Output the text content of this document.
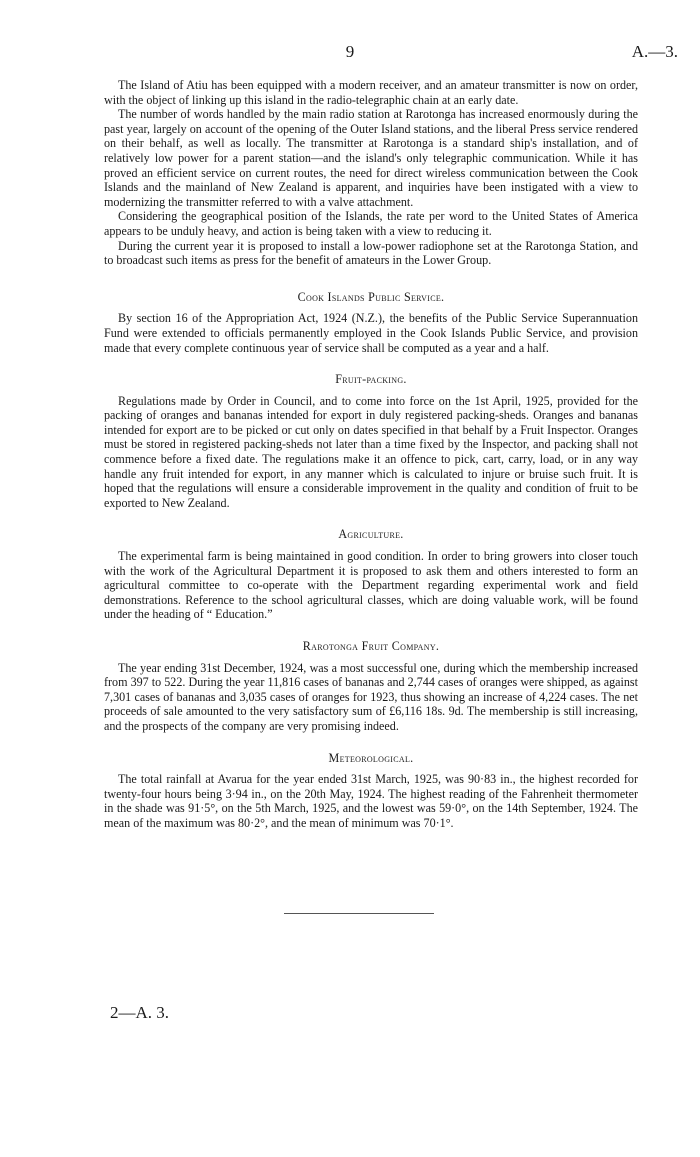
9	A.—3.

The Island of Atiu has been equipped with a modern receiver, and an amateur transmitter is now on order, with the object of linking up this island in the radio-telegraphic chain at an early date.

The number of words handled by the main radio station at Rarotonga has increased enormously during the past year, largely on account of the opening of the Outer Island stations, and the liberal Press service rendered on their behalf, as well as locally. The transmitter at Rarotonga is a standard ship's installation, and of relatively low power for a parent station—and the island's only telegraphic communication. While it has proved an efficient service on current routes, the need for direct wireless communication between the Cook Islands and the mainland of New Zealand is apparent, and inquiries have been instigated with a view to modernizing the transmitter referred to with a valve attachment.

Considering the geographical position of the Islands, the rate per word to the United States of America appears to be unduly heavy, and action is being taken with a view to reducing it.

During the current year it is proposed to install a low-power radiophone set at the Rarotonga Station, and to broadcast such items as press for the benefit of amateurs in the Lower Group.

Cook Islands Public Service.

By section 16 of the Appropriation Act, 1924 (N.Z.), the benefits of the Public Service Superannuation Fund were extended to officials permanently employed in the Cook Islands Public Service, and provision made that every complete continuous year of service shall be computed as a year and a half.

Fruit-packing.

Regulations made by Order in Council, and to come into force on the 1st April, 1925, provided for the packing of oranges and bananas intended for export in duly registered packing-sheds. Oranges and bananas intended for export are to be picked or cut only on dates specified in that behalf by a Fruit Inspector. Oranges must be stored in registered packing-sheds not later than a time fixed by the Inspector, and packing shall not commence before a fixed date. The regulations make it an offence to pick, cart, carry, load, or in any way handle any fruit intended for export, in any manner which is calculated to injure or bruise such fruit. It is hoped that the regulations will ensure a considerable improvement in the quality and condition of fruit to be exported to New Zealand.

Agriculture.

The experimental farm is being maintained in good condition. In order to bring growers into closer touch with the work of the Agricultural Department it is proposed to ask them and others interested to form an agricultural committee to co-operate with the Department regarding experimental work and field demonstrations. Reference to the school agricultural classes, which are doing valuable work, will be found under the heading of “ Education.”

Rarotonga Fruit Company.

The year ending 31st December, 1924, was a most successful one, during which the membership increased from 397 to 522. During the year 11,816 cases of bananas and 2,744 cases of oranges were shipped, as against 7,301 cases of bananas and 3,035 cases of oranges for 1923, thus showing an increase of 4,224 cases. The net proceeds of sale amounted to the very satisfactory sum of £6,116 18s. 9d. The membership is still increasing, and the prospects of the company are very promising indeed.

Meteorological.

The total rainfall at Avarua for the year ended 31st March, 1925, was 90·83 in., the highest recorded for twenty-four hours being 3·94 in., on the 20th May, 1924. The highest reading of the Fahrenheit thermometer in the shade was 91·5°, on the 5th March, 1925, and the lowest was 59·0°, on the 14th September, 1924. The mean of the maximum was 80·2°, and the mean of minimum was 70·1°.

2—A. 3.
